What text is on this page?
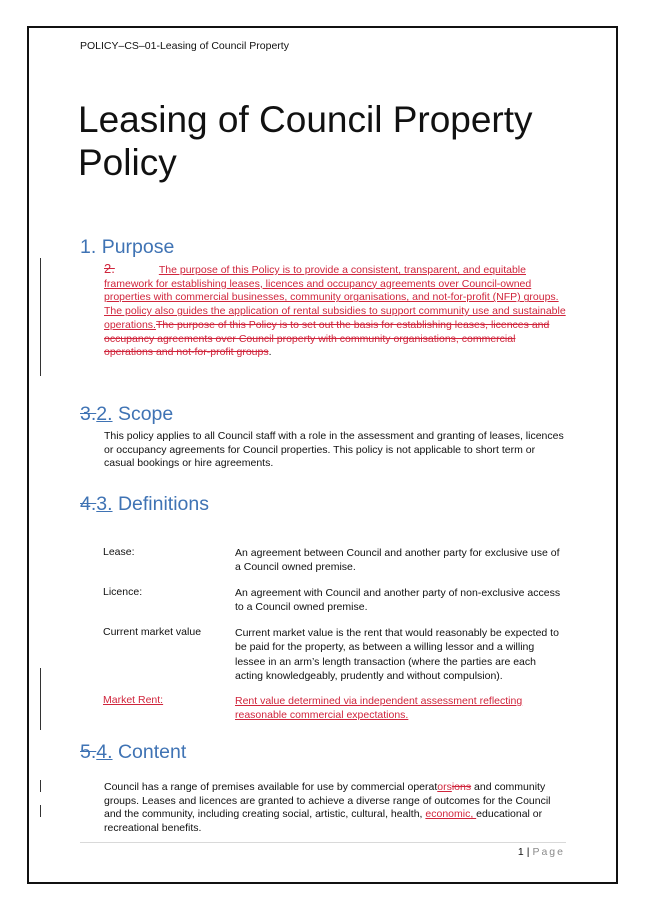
POLICY–CS–01-Leasing of Council Property
Leasing of Council Property
Policy
1. Purpose
2.	The purpose of this Policy is to provide a consistent, transparent, and equitable framework for establishing leases, licences and occupancy agreements over Council-owned properties with commercial businesses, community organisations, and not-for-profit (NFP) groups. The policy also guides the application of rental subsidies to support community use and sustainable operations.The purpose of this Policy is to set out the basis for establishing leases, licences and occupancy agreements over Council property with community organisations, commercial operations and not-for-profit groups.
3.2. Scope
This policy applies to all Council staff with a role in the assessment and granting of leases, licences or occupancy agreements for Council properties. This policy is not applicable to short term or casual bookings or hire agreements.
4.3. Definitions
Lease:	An agreement between Council and another party for exclusive use of a Council owned premise.
Licence:	An agreement with Council and another party of non-exclusive access to a Council owned premise.
Current market value	Current market value is the rent that would reasonably be expected to be paid for the property, as between a willing lessor and a willing lessee in an arm’s length transaction (where the parties are each acting knowledgeably, prudently and without compulsion).
Market Rent:	Rent value determined via independent assessment reflecting reasonable commercial expectations.
5.4. Content
Council has a range of premises available for use by commercial operatorsions and community groups. Leases and licences are granted to achieve a diverse range of outcomes for the Council and the community, including creating social, artistic, cultural, health, economic, educational or recreational benefits.
1 | Page
